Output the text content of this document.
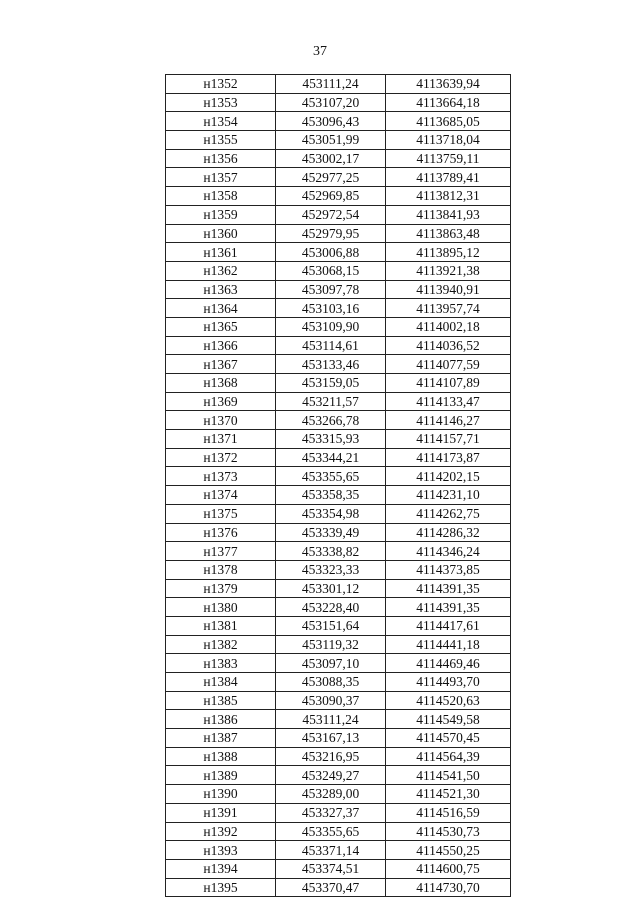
37
н1352	453111,24	4113639,94
н1353	453107,20	4113664,18
н1354	453096,43	4113685,05
н1355	453051,99	4113718,04
н1356	453002,17	4113759,11
н1357	452977,25	4113789,41
н1358	452969,85	4113812,31
н1359	452972,54	4113841,93
н1360	452979,95	4113863,48
н1361	453006,88	4113895,12
н1362	453068,15	4113921,38
н1363	453097,78	4113940,91
н1364	453103,16	4113957,74
н1365	453109,90	4114002,18
н1366	453114,61	4114036,52
н1367	453133,46	4114077,59
н1368	453159,05	4114107,89
н1369	453211,57	4114133,47
н1370	453266,78	4114146,27
н1371	453315,93	4114157,71
н1372	453344,21	4114173,87
н1373	453355,65	4114202,15
н1374	453358,35	4114231,10
н1375	453354,98	4114262,75
н1376	453339,49	4114286,32
н1377	453338,82	4114346,24
н1378	453323,33	4114373,85
н1379	453301,12	4114391,35
н1380	453228,40	4114391,35
н1381	453151,64	4114417,61
н1382	453119,32	4114441,18
н1383	453097,10	4114469,46
н1384	453088,35	4114493,70
н1385	453090,37	4114520,63
н1386	453111,24	4114549,58
н1387	453167,13	4114570,45
н1388	453216,95	4114564,39
н1389	453249,27	4114541,50
н1390	453289,00	4114521,30
н1391	453327,37	4114516,59
н1392	453355,65	4114530,73
н1393	453371,14	4114550,25
н1394	453374,51	4114600,75
н1395	453370,47	4114730,70
